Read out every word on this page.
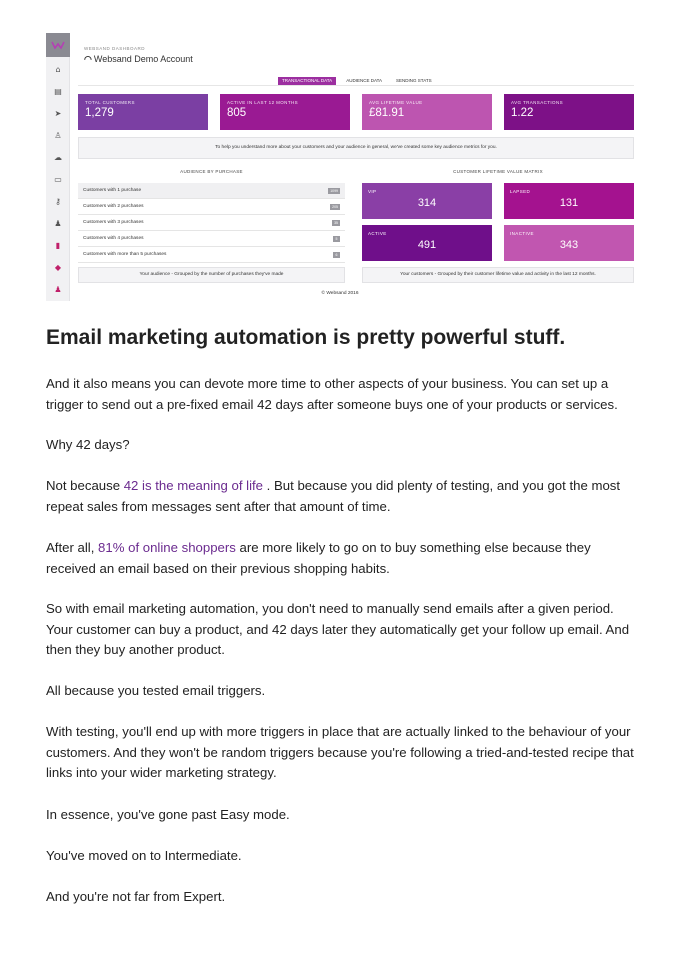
⌂
▤
➤
♙
☁
▭
⚷
♟
▮
◆
♟
WEBSAND DASHBOARD
◠ Websand Demo Account
TRANSACTIONAL DATA	AUDIENCE DATA	SENDING STATS
TOTAL CUSTOMERS
1,279
ACTIVE IN LAST 12 MONTHS
805
AVG LIFETIME VALUE
£81.91
AVG TRANSACTIONS
1.22
To help you understand more about your customers and your audience in general, we've created some key audience metrics for you.
AUDIENCE BY PURCHASE	CUSTOMER LIFETIME VALUE MATRIX
Customers with 1 purchase	1099
Customers with 2 purchases	205
Customers with 3 purchases	35
Customers with 4 purchases	5
Customers with more than 5 purchases	6
VIP
314
LAPSED
131
ACTIVE
491
INACTIVE
343
Your audience - Grouped by the number of purchases they've made	Your customers - Grouped by their customer lifetime value and activity in the last 12 months.
© Websand 2016
Email marketing automation is pretty powerful stuff.

And it also means you can devote more time to other aspects of your business. You can set up a trigger to send out a pre-fixed email 42 days after someone buys one of your products or services.

Why 42 days?

Not because 42 is the meaning of life . But because you did plenty of testing, and you got the most repeat sales from messages sent after that amount of time.

After all, 81% of online shoppers are more likely to go on to buy something else because they received an email based on their previous shopping habits.

So with email marketing automation, you don't need to manually send emails after a given period. Your customer can buy a product, and 42 days later they automatically get your follow up email. And then they buy another product.

All because you tested email triggers.

With testing, you'll end up with more triggers in place that are actually linked to the behaviour of your customers. And they won't be random triggers because you're following a tried-and-tested recipe that links into your wider marketing strategy.

In essence, you've gone past Easy mode.

You've moved on to Intermediate.

And you're not far from Expert.
